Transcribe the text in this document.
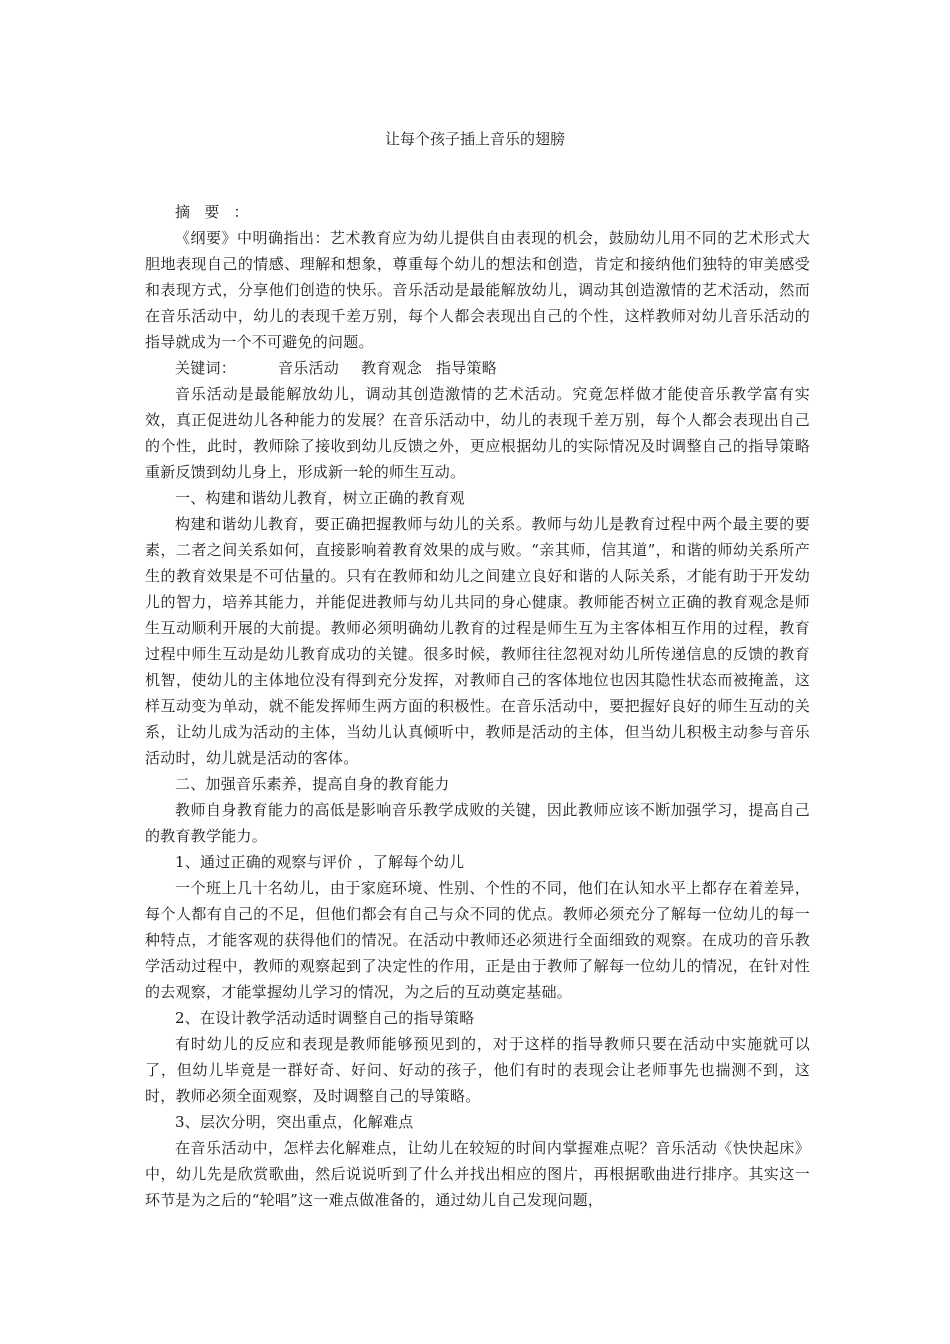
让每个孩子插上音乐的翅膀

摘 要 ：

《纲要》中明确指出：艺术教育应为幼儿提供自由表现的机会，鼓励幼儿用不同的艺术形式大胆地表现自己的情感、理解和想象，尊重每个幼儿的想法和创造，肯定和接纳他们独特的审美感受和表现方式，分享他们创造的快乐。音乐活动是最能解放幼儿，调动其创造激情的艺术活动，然而在音乐活动中，幼儿的表现千差万别，每个人都会表现出自己的个性，这样教师对幼儿音乐活动的指导就成为一个不可避免的问题。

关键词：	音乐活动 教育观念 指导策略

音乐活动是最能解放幼儿，调动其创造激情的艺术活动。究竟怎样做才能使音乐教学富有实效，真正促进幼儿各种能力的发展？在音乐活动中，幼儿的表现千差万别，每个人都会表现出自己的个性，此时，教师除了接收到幼儿反馈之外，更应根据幼儿的实际情况及时调整自己的指导策略重新反馈到幼儿身上，形成新一轮的师生互动。

一、构建和谐幼儿教育，树立正确的教育观

构建和谐幼儿教育，要正确把握教师与幼儿的关系。教师与幼儿是教育过程中两个最主要的要素，二者之间关系如何，直接影响着教育效果的成与败。“亲其师，信其道”，和谐的师幼关系所产生的教育效果是不可估量的。只有在教师和幼儿之间建立良好和谐的人际关系，才能有助于开发幼儿的智力，培养其能力，并能促进教师与幼儿共同的身心健康。教师能否树立正确的教育观念是师生互动顺利开展的大前提。教师必须明确幼儿教育的过程是师生互为主客体相互作用的过程，教育过程中师生互动是幼儿教育成功的关键。很多时候，教师往往忽视对幼儿所传递信息的反馈的教育机智，使幼儿的主体地位没有得到充分发挥，对教师自己的客体地位也因其隐性状态而被掩盖，这样互动变为单动，就不能发挥师生两方面的积极性。在音乐活动中，要把握好良好的师生互动的关系，让幼儿成为活动的主体，当幼儿认真倾听中，教师是活动的主体，但当幼儿积极主动参与音乐活动时，幼儿就是活动的客体。

二、加强音乐素养，提高自身的教育能力

教师自身教育能力的高低是影响音乐教学成败的关键，因此教师应该不断加强学习，提高自己的教育教学能力。

1、通过正确的观察与评价 ，了解每个幼儿

一个班上几十名幼儿，由于家庭环境、性别、个性的不同，他们在认知水平上都存在着差异，每个人都有自己的不足，但他们都会有自己与众不同的优点。教师必须充分了解每一位幼儿的每一种特点，才能客观的获得他们的情况。在活动中教师还必须进行全面细致的观察。在成功的音乐教学活动过程中，教师的观察起到了决定性的作用，正是由于教师了解每一位幼儿的情况，在针对性的去观察，才能掌握幼儿学习的情况，为之后的互动奠定基础。

2、在设计教学活动适时调整自己的指导策略

有时幼儿的反应和表现是教师能够预见到的，对于这样的指导教师只要在活动中实施就可以了，但幼儿毕竟是一群好奇、好问、好动的孩子，他们有时的表现会让老师事先也揣测不到，这时，教师必须全面观察，及时调整自己的导策略。

3、层次分明，突出重点，化解难点

在音乐活动中，怎样去化解难点，让幼儿在较短的时间内掌握难点呢？音乐活动《快快起床》中，幼儿先是欣赏歌曲，然后说说听到了什么并找出相应的图片，再根据歌曲进行排序。其实这一环节是为之后的“轮唱”这一难点做准备的，通过幼儿自己发现问题，
